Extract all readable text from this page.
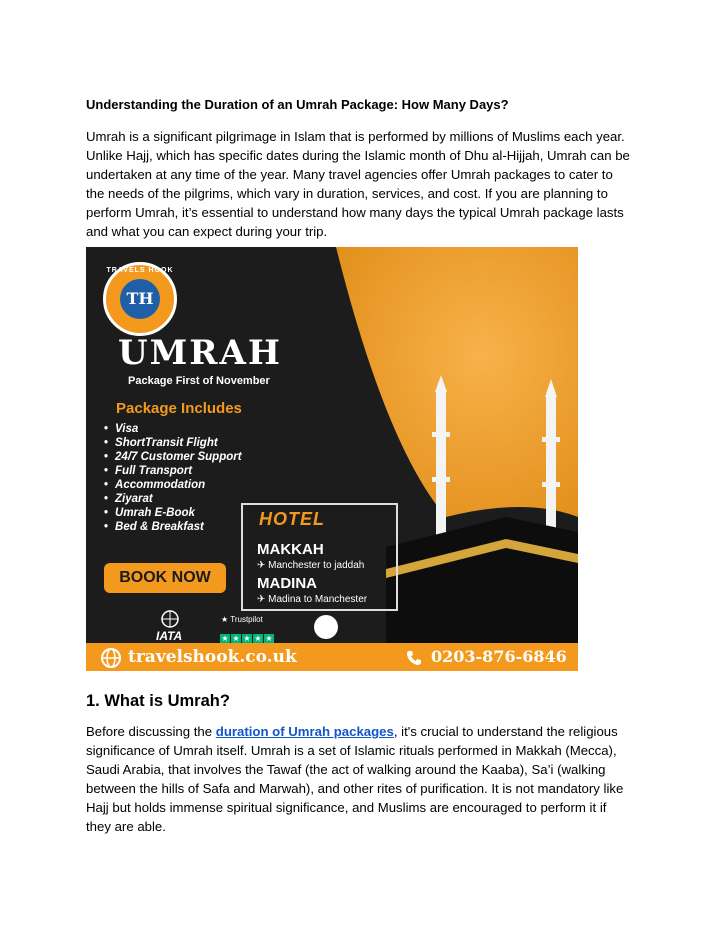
Understanding the Duration of an Umrah Package: How Many Days?
Umrah is a significant pilgrimage in Islam that is performed by millions of Muslims each year. Unlike Hajj, which has specific dates during the Islamic month of Dhu al-Hijjah, Umrah can be undertaken at any time of the year. Many travel agencies offer Umrah packages to cater to the needs of the pilgrims, which vary in duration, services, and cost. If you are planning to perform Umrah, it’s essential to understand how many days the typical Umrah package lasts and what you can expect during your trip.
TRAVELS HOOK
TH
UMRAH
Package First of November
Package Includes
• Visa
• ShortTransit Flight
• 24/7 Customer Support
• Full Transport
• Accommodation
• Ziyarat
• Umrah E-Book
• Bed & Breakfast
BOOK NOW
HOTEL
MAKKAH
✈ Manchester to jaddah
MADINA
✈ Madina to Manchester
IATA
★ Trustpilot
★ ★ ★ ★ ★
travelshook.co.uk	0203-876-6846
1. What is Umrah?
Before discussing the duration of Umrah packages, it's crucial to understand the religious significance of Umrah itself. Umrah is a set of Islamic rituals performed in Makkah (Mecca), Saudi Arabia, that involves the Tawaf (the act of walking around the Kaaba), Sa’i (walking between the hills of Safa and Marwah), and other rites of purification. It is not mandatory like Hajj but holds immense spiritual significance, and Muslims are encouraged to perform it if they are able.
